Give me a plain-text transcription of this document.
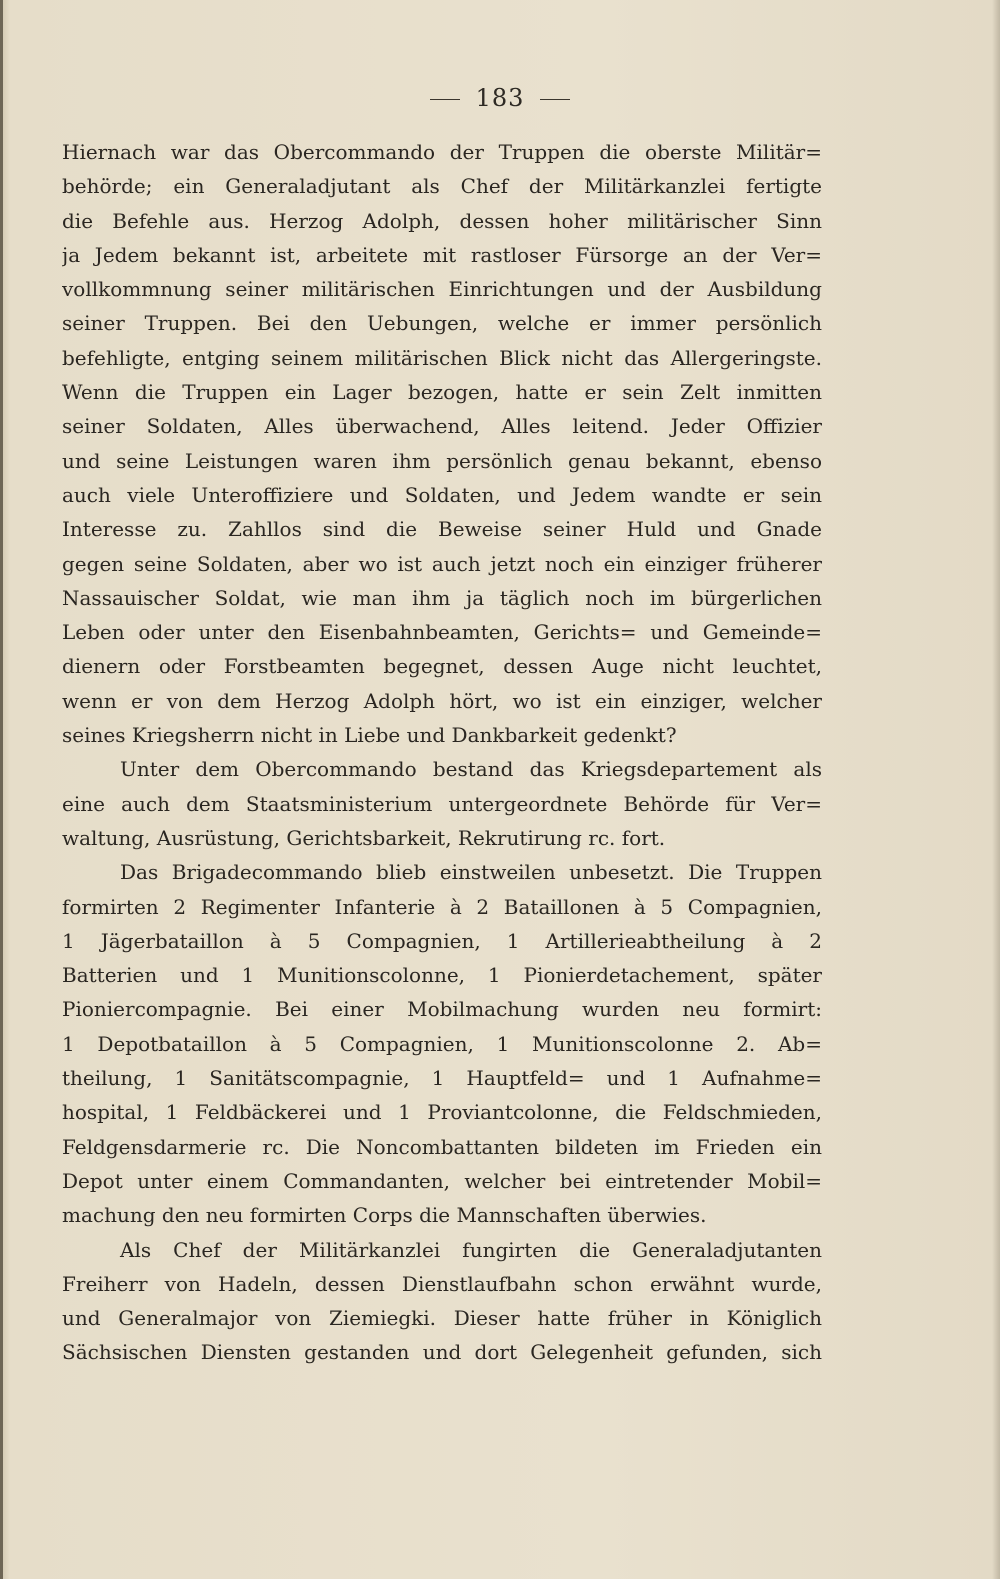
183
Hiernach war das Obercommando der Truppen die oberste Militär=
behörde; ein Generaladjutant als Chef der Militärkanzlei fertigte
die Befehle aus. Herzog Adolph, dessen hoher militärischer Sinn
ja Jedem bekannt ist, arbeitete mit rastloser Fürsorge an der Ver=
vollkommnung seiner militärischen Einrichtungen und der Ausbildung
seiner Truppen. Bei den Uebungen, welche er immer persönlich
befehligte, entging seinem militärischen Blick nicht das Allergeringste.
Wenn die Truppen ein Lager bezogen, hatte er sein Zelt inmitten
seiner Soldaten, Alles überwachend, Alles leitend. Jeder Offizier
und seine Leistungen waren ihm persönlich genau bekannt, ebenso
auch viele Unteroffiziere und Soldaten, und Jedem wandte er sein
Interesse zu. Zahllos sind die Beweise seiner Huld und Gnade
gegen seine Soldaten, aber wo ist auch jetzt noch ein einziger früherer
Nassauischer Soldat, wie man ihm ja täglich noch im bürgerlichen
Leben oder unter den Eisenbahnbeamten, Gerichts= und Gemeinde=
dienern oder Forstbeamten begegnet, dessen Auge nicht leuchtet,
wenn er von dem Herzog Adolph hört, wo ist ein einziger, welcher
seines Kriegsherrn nicht in Liebe und Dankbarkeit gedenkt?
Unter dem Obercommando bestand das Kriegsdepartement als
eine auch dem Staatsministerium untergeordnete Behörde für Ver=
waltung, Ausrüstung, Gerichtsbarkeit, Rekrutirung rc. fort.
Das Brigadecommando blieb einstweilen unbesetzt. Die Truppen
formirten 2 Regimenter Infanterie à 2 Bataillonen à 5 Compagnien,
1 Jägerbataillon à 5 Compagnien, 1 Artillerieabtheilung à 2
Batterien und 1 Munitionscolonne, 1 Pionierdetachement, später
Pioniercompagnie. Bei einer Mobilmachung wurden neu formirt:
1 Depotbataillon à 5 Compagnien, 1 Munitionscolonne 2. Ab=
theilung, 1 Sanitätscompagnie, 1 Hauptfeld= und 1 Aufnahme=
hospital, 1 Feldbäckerei und 1 Proviantcolonne, die Feldschmieden,
Feldgensdarmerie rc. Die Noncombattanten bildeten im Frieden ein
Depot unter einem Commandanten, welcher bei eintretender Mobil=
machung den neu formirten Corps die Mannschaften überwies.
Als Chef der Militärkanzlei fungirten die Generaladjutanten
Freiherr von Hadeln, dessen Dienstlaufbahn schon erwähnt wurde,
und Generalmajor von Ziemiegki. Dieser hatte früher in Königlich
Sächsischen Diensten gestanden und dort Gelegenheit gefunden, sich
